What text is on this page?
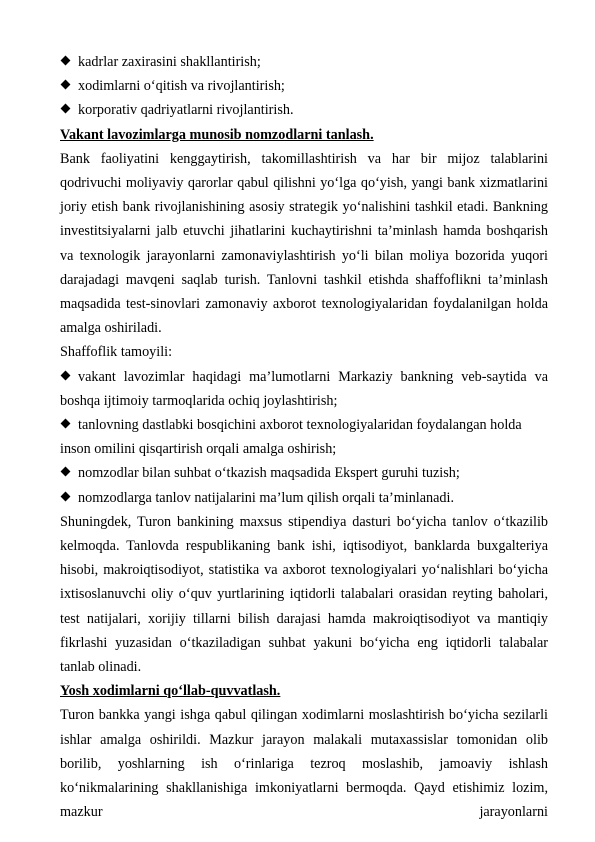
kadrlar zaxirasini shakllantirish;
xodimlarni o‘qitish va rivojlantirish;
korporativ qadriyatlarni rivojlantirish.

Vakant lavozimlarga munosib nomzodlarni tanlash.

Bank faoliyatini kenggaytirish, takomillashtirish va har bir mijoz talablarini qodrivuchi moliyaviy qarorlar qabul qilishni yo‘lga qo‘yish, yangi bank xizmatlarini joriy etish bank rivojlanishining asosiy strategik yo‘nalishini tashkil etadi. Bankning investitsiyalarni jalb etuvchi jihatlarini kuchaytirishni ta’minlash hamda boshqarish va texnologik jarayonlarni zamonaviylashtirish yo‘li bilan moliya bozorida yuqori darajadagi mavqeni saqlab turish. Tanlovni tashkil etishda shaffoflikni ta’minlash maqsadida test-sinovlari zamonaviy axborot texnologiyalaridan foydalanilgan holda amalga oshiriladi.

Shaffoflik tamoyili:

vakant lavozimlar haqidagi ma’lumotlarni Markaziy bankning veb-saytida va boshqa ijtimoiy tarmoqlarida ochiq joylashtirish;
tanlovning dastlabki bosqichini axborot texnologiyalaridan foydalangan holda inson omilini qisqartirish orqali amalga oshirish;
nomzodlar bilan suhbat o‘tkazish maqsadida Ekspert guruhi tuzish;
nomzodlarga tanlov natijalarini ma’lum qilish orqali ta’minlanadi.

Shuningdek, Turon bankining maxsus stipendiya dasturi bo‘yicha tanlov o‘tkazilib kelmoqda. Tanlovda respublikaning bank ishi, iqtisodiyot, banklarda buxgalteriya hisobi, makroiqtisodiyot, statistika va axborot texnologiyalari yo‘nalishlari bo‘yicha ixtisoslanuvchi oliy o‘quv yurtlarining iqtidorli talabalari orasidan reyting baholari, test natijalari, xorijiy tillarni bilish darajasi hamda makroiqtisodiyot va mantiqiy fikrlashi yuzasidan o‘tkaziladigan suhbat yakuni bo‘yicha eng iqtidorli talabalar tanlab olinadi.

Yosh xodimlarni qo‘llab-quvvatlash.

Turon bankka yangi ishga qabul qilingan xodimlarni moslashtirish bo‘yicha sezilarli ishlar amalga oshirildi. Mazkur jarayon malakali mutaxassislar tomonidan olib borilib, yoshlarning ish o‘rinlariga tezroq moslashib, jamoaviy ishlash ko‘nikmalarining shakllanishiga imkoniyatlarni bermoqda. Qayd etishimiz lozim, mazkur jarayonlarni
